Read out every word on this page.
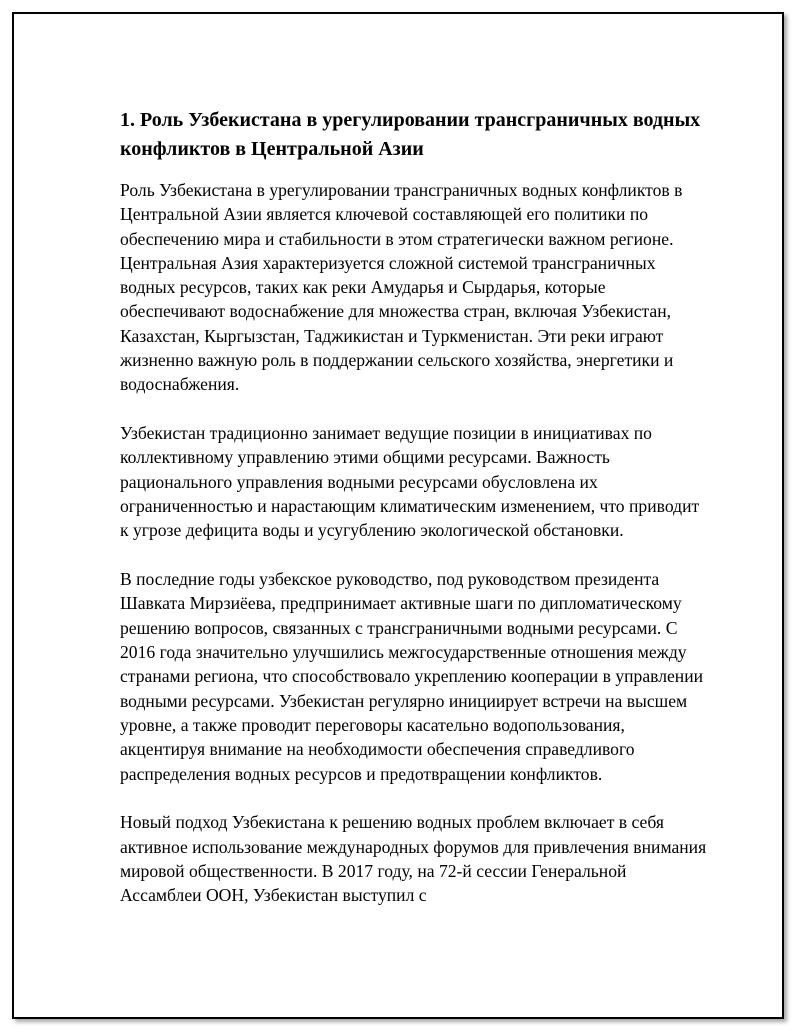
1. Роль Узбекистана в урегулировании трансграничных водных конфликтов в Центральной Азии

Роль Узбекистана в урегулировании трансграничных водных конфликтов в Центральной Азии является ключевой составляющей его политики по обеспечению мира и стабильности в этом стратегически важном регионе. Центральная Азия характеризуется сложной системой трансграничных водных ресурсов, таких как реки Амударья и Сырдарья, которые обеспечивают водоснабжение для множества стран, включая Узбекистан, Казахстан, Кыргызстан, Таджикистан и Туркменистан. Эти реки играют жизненно важную роль в поддержании сельского хозяйства, энергетики и водоснабжения.

Узбекистан традиционно занимает ведущие позиции в инициативах по коллективному управлению этими общими ресурсами. Важность рационального управления водными ресурсами обусловлена их ограниченностью и нарастающим климатическим изменением, что приводит к угрозе дефицита воды и усугублению экологической обстановки.

В последние годы узбекское руководство, под руководством президента Шавката Мирзиёева, предпринимает активные шаги по дипломатическому решению вопросов, связанных с трансграничными водными ресурсами. С 2016 года значительно улучшились межгосударственные отношения между странами региона, что способствовало укреплению кооперации в управлении водными ресурсами. Узбекистан регулярно инициирует встречи на высшем уровне, а также проводит переговоры касательно водопользования, акцентируя внимание на необходимости обеспечения справедливого распределения водных ресурсов и предотвращении конфликтов.

Новый подход Узбекистана к решению водных проблем включает в себя активное использование международных форумов для привлечения внимания мировой общественности. В 2017 году, на 72-й сессии Генеральной Ассамблеи ООН, Узбекистан выступил с
